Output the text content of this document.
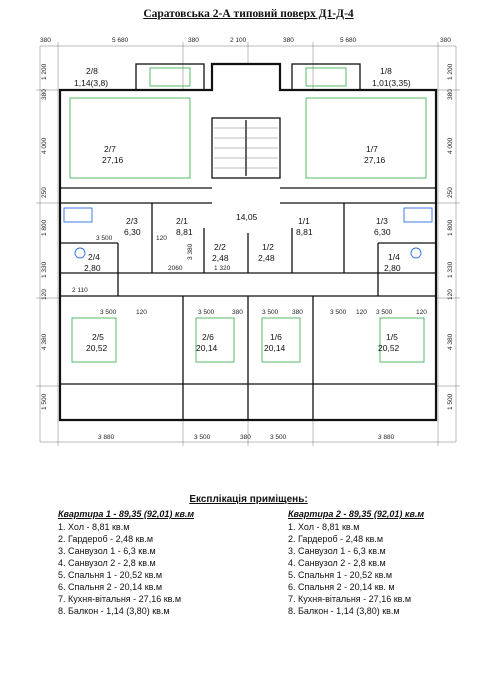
Саратовська 2-А типовий поверх Д1-Д-4
380	5 680	380	2 100	380	5 680	380
3 880	3 500	380	3 500	3 880
1 200
380
4 000
250
1 800
1 330
120
4 380
1 500
1 200
380
4 000
250
1 800
1 330
120
4 380
1 500
3 500	120
3 380
2060	1 320
2 110
3 500	120	3 500	380	3 500 380	3 500 120 3 500	120
2/8
1,14(3,8)
1/8
1,01(3,35)
2/7
27,16
1/7
27,16
14,05
2/3
6,30
2/1
8,81
1/1
8,81
1/3
6,30
2/2
2,48
1/2
2,48
2/4
2,80
1/4
2,80
2/5
20,52
2/6
20,14
1/6
20,14
1/5
20,52
Експлікація приміщень:
Квартира 1 - 89,35 (92,01) кв.м
1. Хол - 8,81 кв.м
2. Гардероб - 2,48 кв.м
3. Санвузол 1 - 6,3 кв.м
4. Санвузол 2 - 2,8 кв.м
5. Спальня 1 - 20,52 кв.м
6. Спальня 2 - 20,14 кв.м
7. Кухня-вітальня - 27,16 кв.м
8. Балкон - 1,14 (3,80) кв.м
Квартира 2 - 89,35 (92,01) кв.м
1. Хол - 8,81 кв.м
2. Гардероб - 2,48 кв.м
3. Санвузол 1 - 6,3 кв.м
4. Санвузол 2 - 2,8 кв.м
5. Спальня 1 - 20,52 кв.м
6. Спальня 2 - 20,14 кв. м
7. Кухня-вітальня - 27,16 кв.м
8. Балкон - 1,14 (3,80) кв.м
